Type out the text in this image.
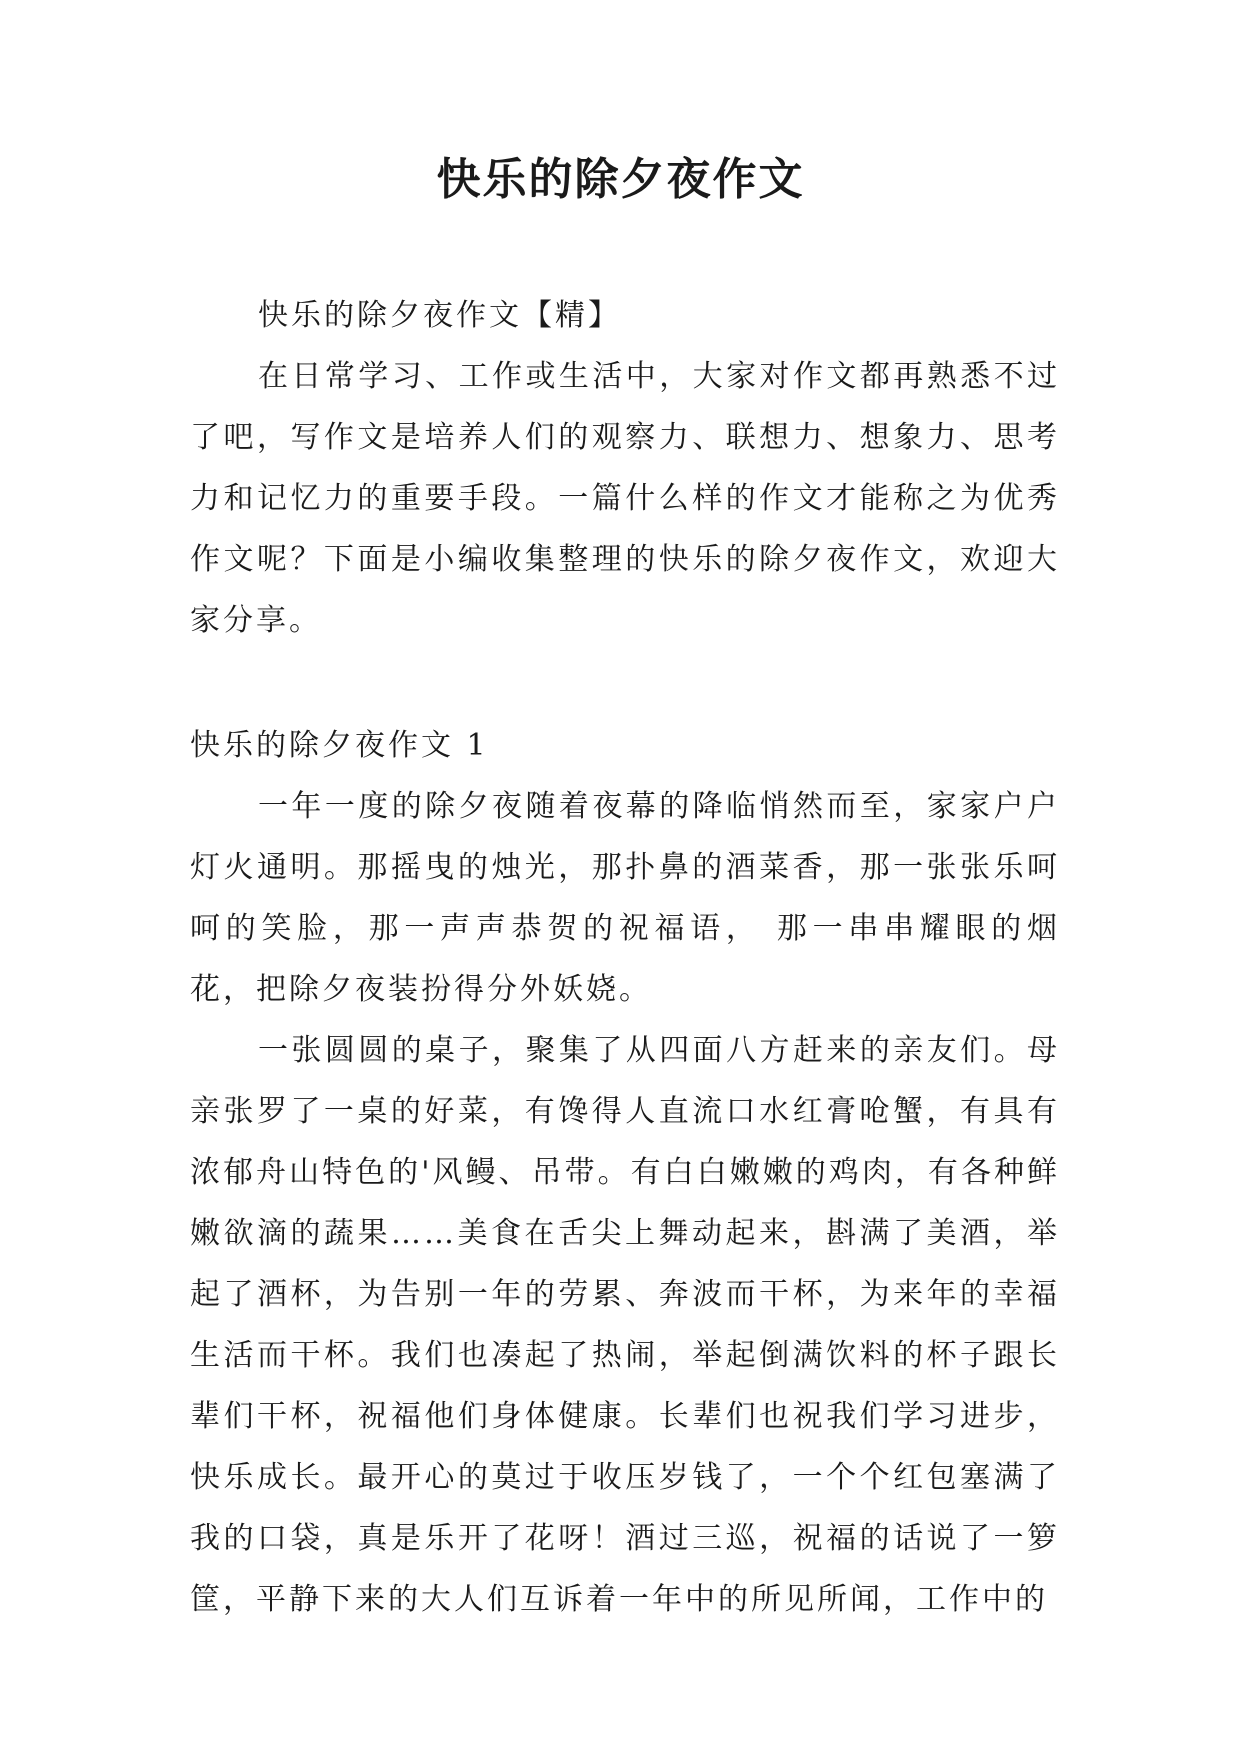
快乐的除夕夜作文

快乐的除夕夜作文【精】

在日常学习、工作或生活中，大家对作文都再熟悉不过了吧，写作文是培养人们的观察力、联想力、想象力、思考力和记忆力的重要手段。一篇什么样的作文才能称之为优秀作文呢？下面是小编收集整理的快乐的除夕夜作文，欢迎大家分享。

快乐的除夕夜作文 1

一年一度的除夕夜随着夜幕的降临悄然而至，家家户户灯火通明。那摇曳的烛光，那扑鼻的酒菜香，那一张张乐呵呵的笑脸，那一声声恭贺的祝福语， 那一串串耀眼的烟花，把除夕夜装扮得分外妖娆。

一张圆圆的桌子，聚集了从四面八方赶来的亲友们。母亲张罗了一桌的好菜，有馋得人直流口水红膏呛蟹，有具有浓郁舟山特色的'风鳗、吊带。有白白嫩嫩的鸡肉，有各种鲜嫩欲滴的蔬果……美食在舌尖上舞动起来，斟满了美酒，举起了酒杯，为告别一年的劳累、奔波而干杯，为来年的幸福生活而干杯。我们也凑起了热闹，举起倒满饮料的杯子跟长辈们干杯，祝福他们身体健康。长辈们也祝我们学习进步，快乐成长。最开心的莫过于收压岁钱了，一个个红包塞满了我的口袋，真是乐开了花呀！酒过三巡，祝福的话说了一箩筐，平静下来的大人们互诉着一年中的所见所闻，工作中的
